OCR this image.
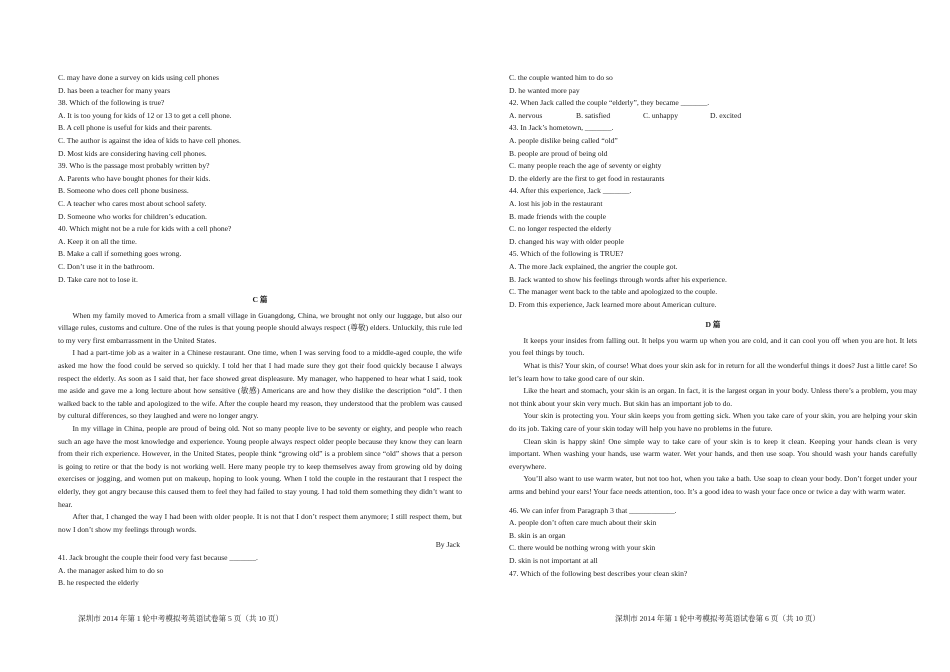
C. may have done a survey on kids using cell phones
D. has been a teacher for many years
38. Which of the following is true?
A. It is too young for kids of 12 or 13 to get a cell phone.
B. A cell phone is useful for kids and their parents.
C. The author is against the idea of kids to have cell phones.
D. Most kids are considering having cell phones.
39. Who is the passage most probably written by?
A. Parents who have bought phones for their kids.
B. Someone who does cell phone business.
C. A teacher who cares most about school safety.
D. Someone who works for children’s education.
40. Which might not be a rule for kids with a cell phone?
A. Keep it on all the time.
B. Make a call if something goes wrong.
C. Don’t use it in the bathroom.
D. Take care not to lose it.
C 篇
When my family moved to America from a small village in Guangdong, China, we brought not only our luggage, but also our village rules, customs and culture. One of the rules is that young people should always respect (尊敬) elders. Unluckily, this rule led to my very first embarrassment in the United States.
I had a part-time job as a waiter in a Chinese restaurant. One time, when I was serving food to a middle-aged couple, the wife asked me how the food could be served so quickly. I told her that I had made sure they got their food quickly because I always respect the elderly. As soon as I said that, her face showed great displeasure. My manager, who happened to hear what I said, took me aside and gave me a long lecture about how sensitive (敏感) Americans are and how they dislike the description “old”. I then walked back to the table and apologized to the wife. After the couple heard my reason, they understood that the problem was caused by cultural differences, so they laughed and were no longer angry.
In my village in China, people are proud of being old. Not so many people live to be seventy or eighty, and people who reach such an age have the most knowledge and experience. Young people always respect older people because they know they can learn from their rich experience. However, in the United States, people think “growing old” is a problem since “old” shows that a person is going to retire or that the body is not working well. Here many people try to keep themselves away from growing old by doing exercises or jogging, and women put on makeup, hoping to look young. When I told the couple in the restaurant that I respect the elderly, they got angry because this caused them to feel they had failed to stay young. I had told them something they didn’t want to hear.
After that, I changed the way I had been with older people. It is not that I don’t respect them anymore; I still respect them, but now I don’t show my feelings through words.
By Jack
41. Jack brought the couple their food very fast because _______.
A. the manager asked him to do so
B. he respected the elderly
C. the couple wanted him to do so
D. he wanted more pay
42. When Jack called the couple “elderly”, they became _______.
A. nervous	B. satisfied	C. unhappy	D. excited
43. In Jack’s hometown, _______.
A. people dislike being called “old”
B. people are proud of being old
C. many people reach the age of seventy or eighty
D. the elderly are the first to get food in restaurants
44. After this experience, Jack _______.
A. lost his job in the restaurant
B. made friends with the couple
C. no longer respected the elderly
D. changed his way with older people
45. Which of the following is TRUE?
A. The more Jack explained, the angrier the couple got.
B. Jack wanted to show his feelings through words after his experience.
C. The manager went back to the table and apologized to the couple.
D. From this experience, Jack learned more about American culture.
D 篇
It keeps your insides from falling out. It helps you warm up when you are cold, and it can cool you off when you are hot. It lets you feel things by touch.
What is this? Your skin, of course! What does your skin ask for in return for all the wonderful things it does? Just a little care! So let’s learn how to take good care of our skin.
Like the heart and stomach, your skin is an organ. In fact, it is the largest organ in your body. Unless there’s a problem, you may not think about your skin very much. But skin has an important job to do.
Your skin is protecting you. Your skin keeps you from getting sick. When you take care of your skin, you are helping your skin do its job. Taking care of your skin today will help you have no problems in the future.
Clean skin is happy skin! One simple way to take care of your skin is to keep it clean. Keeping your hands clean is very important. When washing your hands, use warm water. Wet your hands, and then use soap. You should wash your hands carefully everywhere.
You’ll also want to use warm water, but not too hot, when you take a bath. Use soap to clean your body. Don’t forget under your arms and behind your ears! Your face needs attention, too. It’s a good idea to wash your face once or twice a day with warm water.
46. We can infer from Paragraph 3 that ____________.
A. people don’t often care much about their skin
B. skin is an organ
C. there would be nothing wrong with your skin
D. skin is not important at all
47. Which of the following best describes your clean skin?
深圳市 2014 年第 1 轮中考模拟考英语试卷第 5 页（共 10 页）	深圳市 2014 年第 1 轮中考模拟考英语试卷第 6 页（共 10 页）
